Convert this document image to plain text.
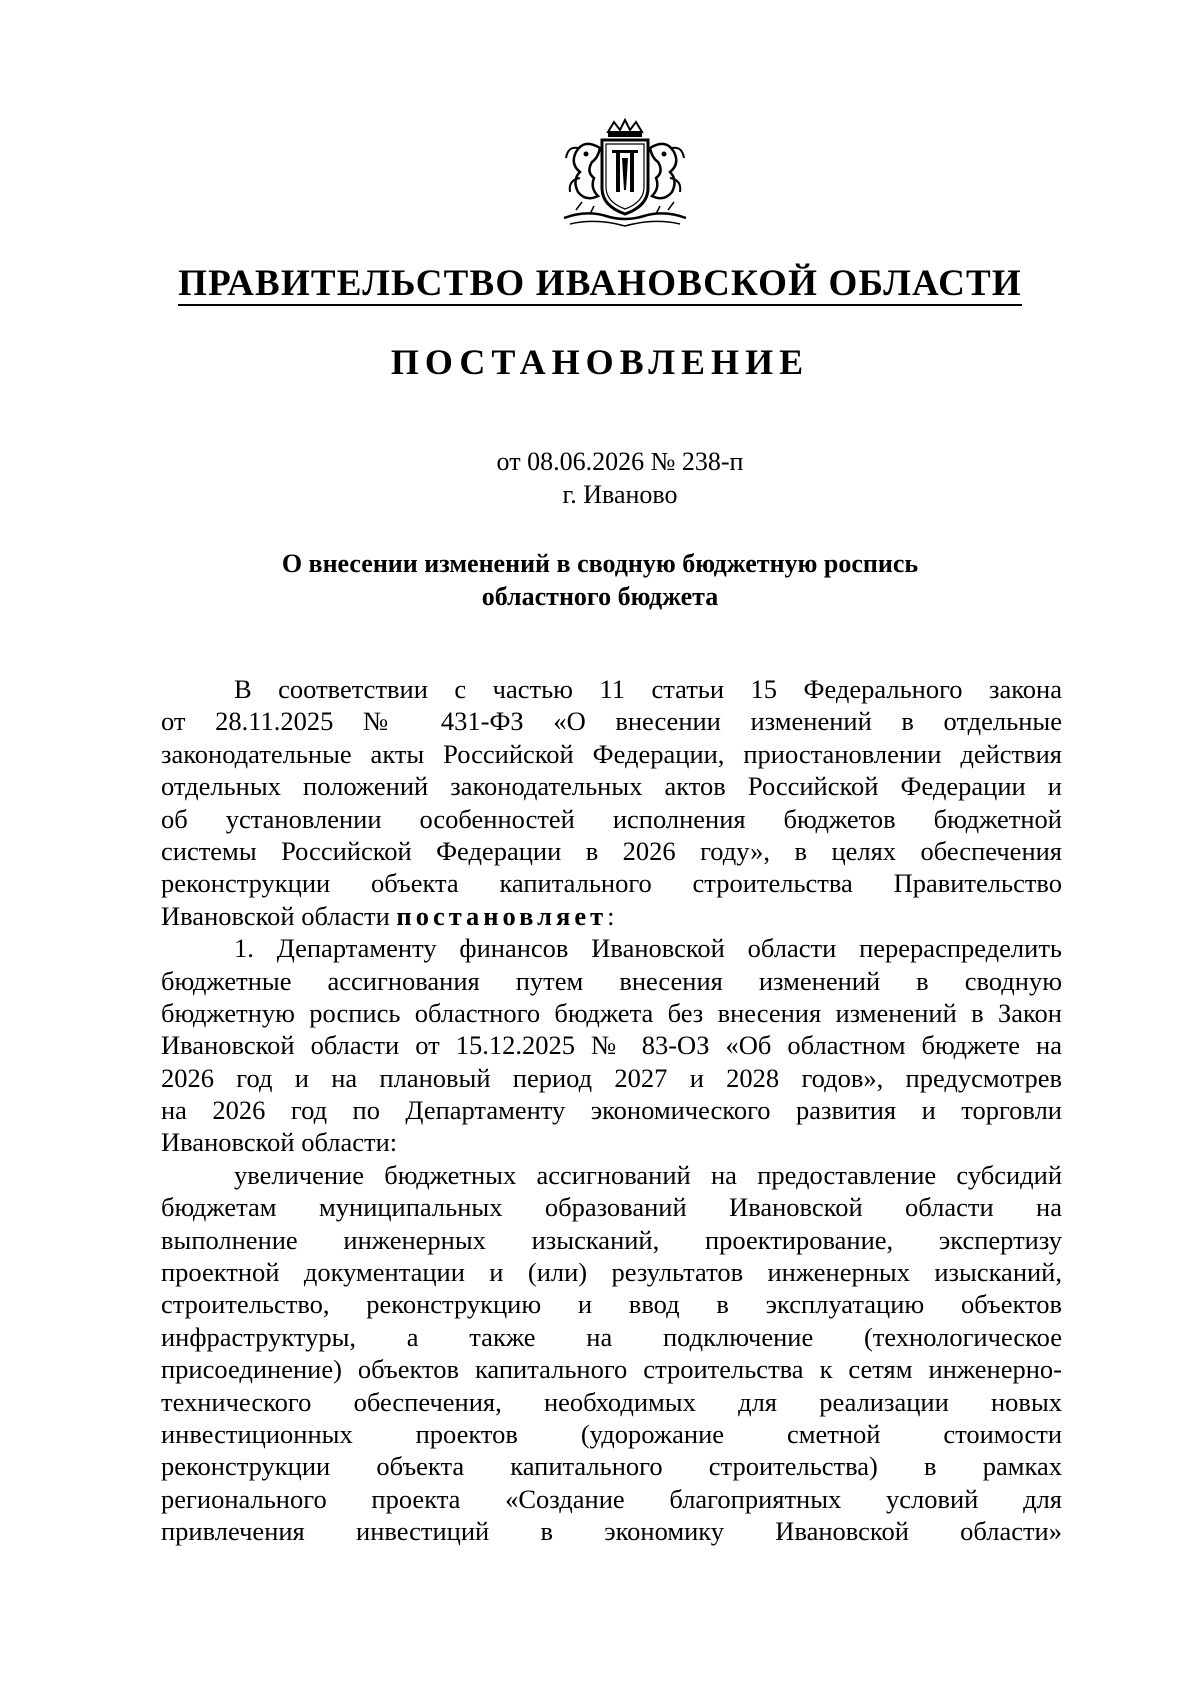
ПРАВИТЕЛЬСТВО ИВАНОВСКОЙ ОБЛАСТИ
ПОСТАНОВЛЕНИЕ
от 08.06.2026 № 238-п
г. Иваново
О внесении изменений в сводную бюджетную роспись
областного бюджета
В соответствии с частью 11 статьи 15 Федерального закона
от 28.11.2025 № 431-ФЗ «О внесении изменений в отдельные
законодательные акты Российской Федерации, приостановлении действия
отдельных положений законодательных актов Российской Федерации и
об установлении особенностей исполнения бюджетов бюджетной
системы Российской Федерации в 2026 году», в целях обеспечения
реконструкции объекта капитального строительства Правительство
Ивановской области постановляет:
1. Департаменту финансов Ивановской области перераспределить
бюджетные ассигнования путем внесения изменений в сводную
бюджетную роспись областного бюджета без внесения изменений в Закон
Ивановской области от 15.12.2025 № 83-ОЗ «Об областном бюджете на
2026 год и на плановый период 2027 и 2028 годов», предусмотрев
на 2026 год по Департаменту экономического развития и торговли
Ивановской области:
увеличение бюджетных ассигнований на предоставление субсидий
бюджетам муниципальных образований Ивановской области на
выполнение инженерных изысканий, проектирование, экспертизу
проектной документации и (или) результатов инженерных изысканий,
строительство, реконструкцию и ввод в эксплуатацию объектов
инфраструктуры, а также на подключение (технологическое
присоединение) объектов капитального строительства к сетям инженерно-
технического обеспечения, необходимых для реализации новых
инвестиционных проектов (удорожание сметной стоимости
реконструкции объекта капитального строительства) в рамках
регионального проекта «Создание благоприятных условий для
привлечения инвестиций в экономику Ивановской области»
